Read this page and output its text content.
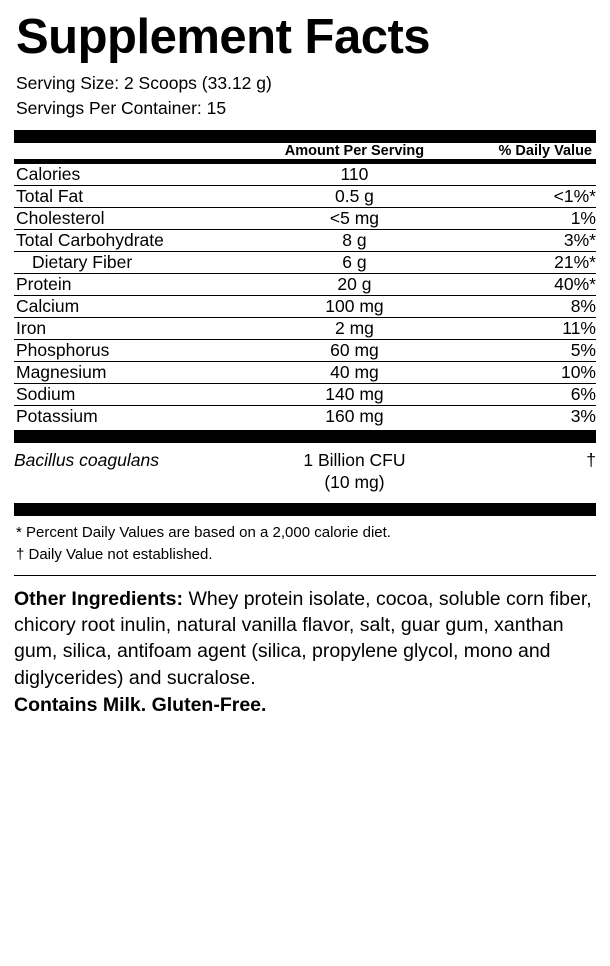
Supplement Facts
Serving Size: 2 Scoops (33.12 g)
Servings Per Container: 15
	Amount Per Serving	% Daily Value
Calories	110	
Total Fat	0.5 g	<1%*
Cholesterol	<5 mg	1%
Total Carbohydrate	8 g	3%*
Dietary Fiber	6 g	21%*
Protein	20 g	40%*
Calcium	100 mg	8%
Iron	2 mg	11%
Phosphorus	60 mg	5%
Magnesium	40 mg	10%
Sodium	140 mg	6%
Potassium	160 mg	3%
Bacillus coagulans	1 Billion CFU	†
	(10 mg)	
* Percent Daily Values are based on a 2,000 calorie diet.
† Daily Value not established.
Other Ingredients: Whey protein isolate, cocoa, soluble corn fiber, chicory root inulin, natural vanilla flavor, salt, guar gum, xanthan gum, silica, antifoam agent (silica, propylene glycol, mono and diglycerides) and sucralose.
Contains Milk. Gluten-Free.
